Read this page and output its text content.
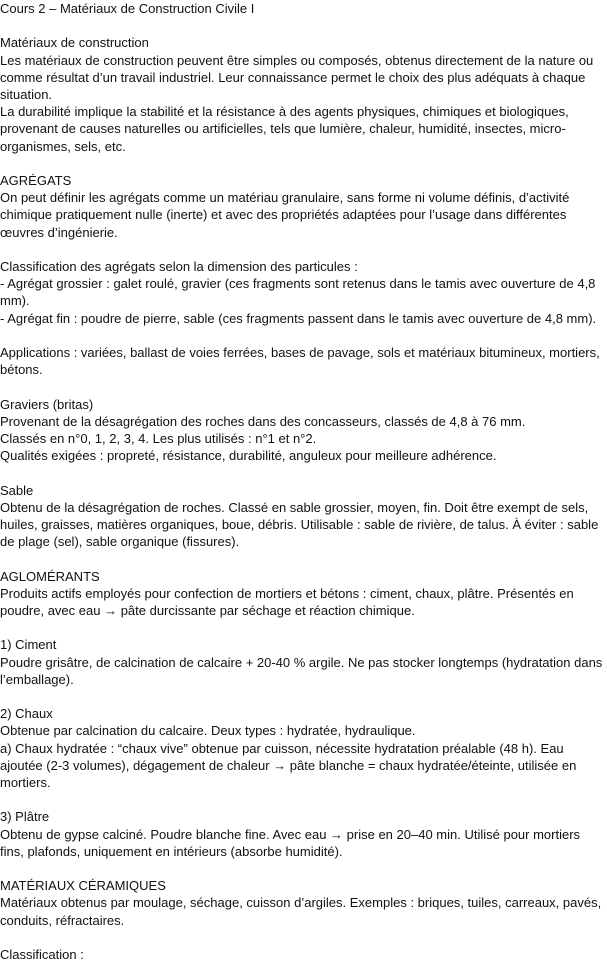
Cours 2 – Matériaux de Construction Civile I

Matériaux de construction

Les matériaux de construction peuvent être simples ou composés, obtenus directement de la nature ou comme résultat d’un travail industriel. Leur connaissance permet le choix des plus adéquats à chaque situation.

La durabilité implique la stabilité et la résistance à des agents physiques, chimiques et biologiques, provenant de causes naturelles ou artificielles, tels que lumière, chaleur, humidité, insectes, micro-organismes, sels, etc.

AGRÉGATS

On peut définir les agrégats comme un matériau granulaire, sans forme ni volume définis, d’activité chimique pratiquement nulle (inerte) et avec des propriétés adaptées pour l’usage dans différentes œuvres d’ingénierie.

Classification des agrégats selon la dimension des particules :

- Agrégat grossier : galet roulé, gravier (ces fragments sont retenus dans le tamis avec ouverture de 4,8 mm).

- Agrégat fin : poudre de pierre, sable (ces fragments passent dans le tamis avec ouverture de 4,8 mm).

Applications : variées, ballast de voies ferrées, bases de pavage, sols et matériaux bitumineux, mortiers, bétons.

Graviers (britas)

Provenant de la désagrégation des roches dans des concasseurs, classés de 4,8 à 76 mm.

Classés en n°0, 1, 2, 3, 4. Les plus utilisés : n°1 et n°2.

Qualités exigées : propreté, résistance, durabilité, anguleux pour meilleure adhérence.

Sable

Obtenu de la désagrégation de roches. Classé en sable grossier, moyen, fin. Doit être exempt de sels, huiles, graisses, matières organiques, boue, débris. Utilisable : sable de rivière, de talus. À éviter : sable de plage (sel), sable organique (fissures).

AGLOMÉRANTS

Produits actifs employés pour confection de mortiers et bétons : ciment, chaux, plâtre. Présentés en poudre, avec eau → pâte durcissante par séchage et réaction chimique.

1) Ciment

Poudre grisâtre, de calcination de calcaire + 20-40 % argile. Ne pas stocker longtemps (hydratation dans l’emballage).

2) Chaux

Obtenue par calcination du calcaire. Deux types : hydratée, hydraulique.

a) Chaux hydratée : “chaux vive” obtenue par cuisson, nécessite hydratation préalable (48 h). Eau ajoutée (2-3 volumes), dégagement de chaleur → pâte blanche = chaux hydratée/éteinte, utilisée en mortiers.

3) Plâtre

Obtenu de gypse calciné. Poudre blanche fine. Avec eau → prise en 20–40 min. Utilisé pour mortiers fins, plafonds, uniquement en intérieurs (absorbe humidité).

MATÉRIAUX CÉRAMIQUES

Matériaux obtenus par moulage, séchage, cuisson d’argiles. Exemples : briques, tuiles, carreaux, pavés, conduits, réfractaires.

Classification :
